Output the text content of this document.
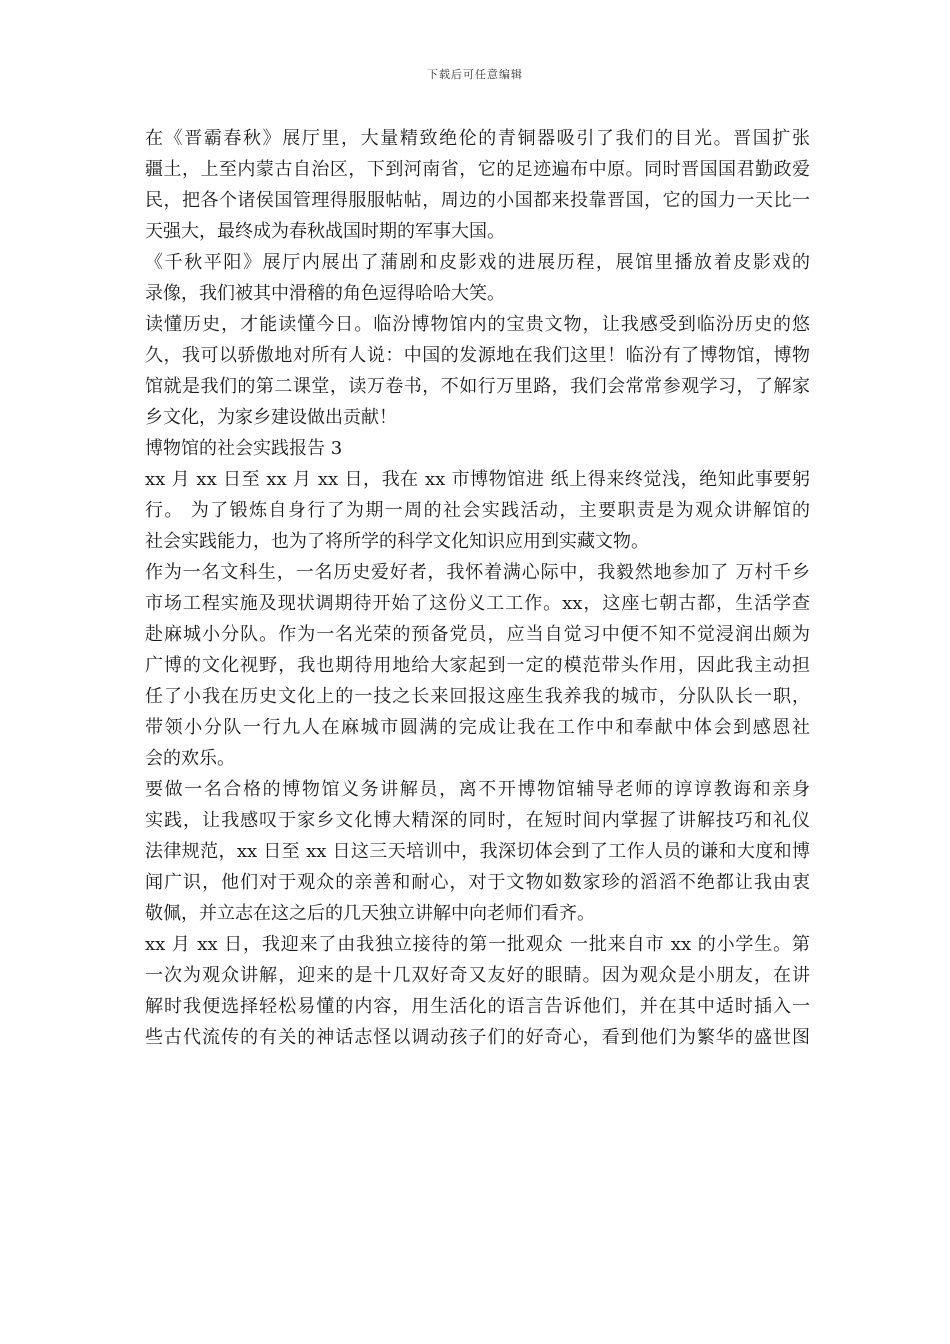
下载后可任意编辑
在《晋霸春秋》展厅里，大量精致绝伦的青铜器吸引了我们的目光。晋国扩张
疆土，上至内蒙古自治区，下到河南省，它的足迹遍布中原。同时晋国国君勤政爱
民，把各个诸侯国管理得服服帖帖，周边的小国都来投靠晋国，它的国力一天比一
天强大，最终成为春秋战国时期的军事大国。
《千秋平阳》展厅内展出了蒲剧和皮影戏的进展历程，展馆里播放着皮影戏的
录像，我们被其中滑稽的角色逗得哈哈大笑。
读懂历史，才能读懂今日。临汾博物馆内的宝贵文物，让我感受到临汾历史的悠
久，我可以骄傲地对所有人说：中国的发源地在我们这里！临汾有了博物馆，博物
馆就是我们的第二课堂，读万卷书，不如行万里路，我们会常常参观学习，了解家
乡文化，为家乡建设做出贡献！
博物馆的社会实践报告 3
xx 月 xx 日至 xx 月 xx 日，我在 xx 市博物馆进 纸上得来终觉浅，绝知此事要躬
行。 为了锻炼自身行了为期一周的社会实践活动，主要职责是为观众讲解馆的
社会实践能力，也为了将所学的科学文化知识应用到实藏文物。
作为一名文科生，一名历史爱好者，我怀着满心际中，我毅然地参加了 万村千乡
市场工程实施及现状调期待开始了这份义工工作。xx，这座七朝古都，生活学查
赴麻城小分队。作为一名光荣的预备党员，应当自觉习中便不知不觉浸润出颇为
广博的文化视野，我也期待用地给大家起到一定的模范带头作用，因此我主动担
任了小我在历史文化上的一技之长来回报这座生我养我的城市，分队队长一职，
带领小分队一行九人在麻城市圆满的完成让我在工作中和奉献中体会到感恩社
会的欢乐。
要做一名合格的博物馆义务讲解员，离不开博物馆辅导老师的谆谆教诲和亲身
实践，让我感叹于家乡文化博大精深的同时，在短时间内掌握了讲解技巧和礼仪
法律规范，xx 日至 xx 日这三天培训中，我深切体会到了工作人员的谦和大度和博
闻广识，他们对于观众的亲善和耐心，对于文物如数家珍的滔滔不绝都让我由衷
敬佩，并立志在这之后的几天独立讲解中向老师们看齐。
xx 月 xx 日，我迎来了由我独立接待的第一批观众 一批来自市 xx 的小学生。第
一次为观众讲解，迎来的是十几双好奇又友好的眼睛。因为观众是小朋友，在讲
解时我便选择轻松易懂的内容，用生活化的语言告诉他们，并在其中适时插入一
些古代流传的有关的神话志怪以调动孩子们的好奇心，看到他们为繁华的盛世图
